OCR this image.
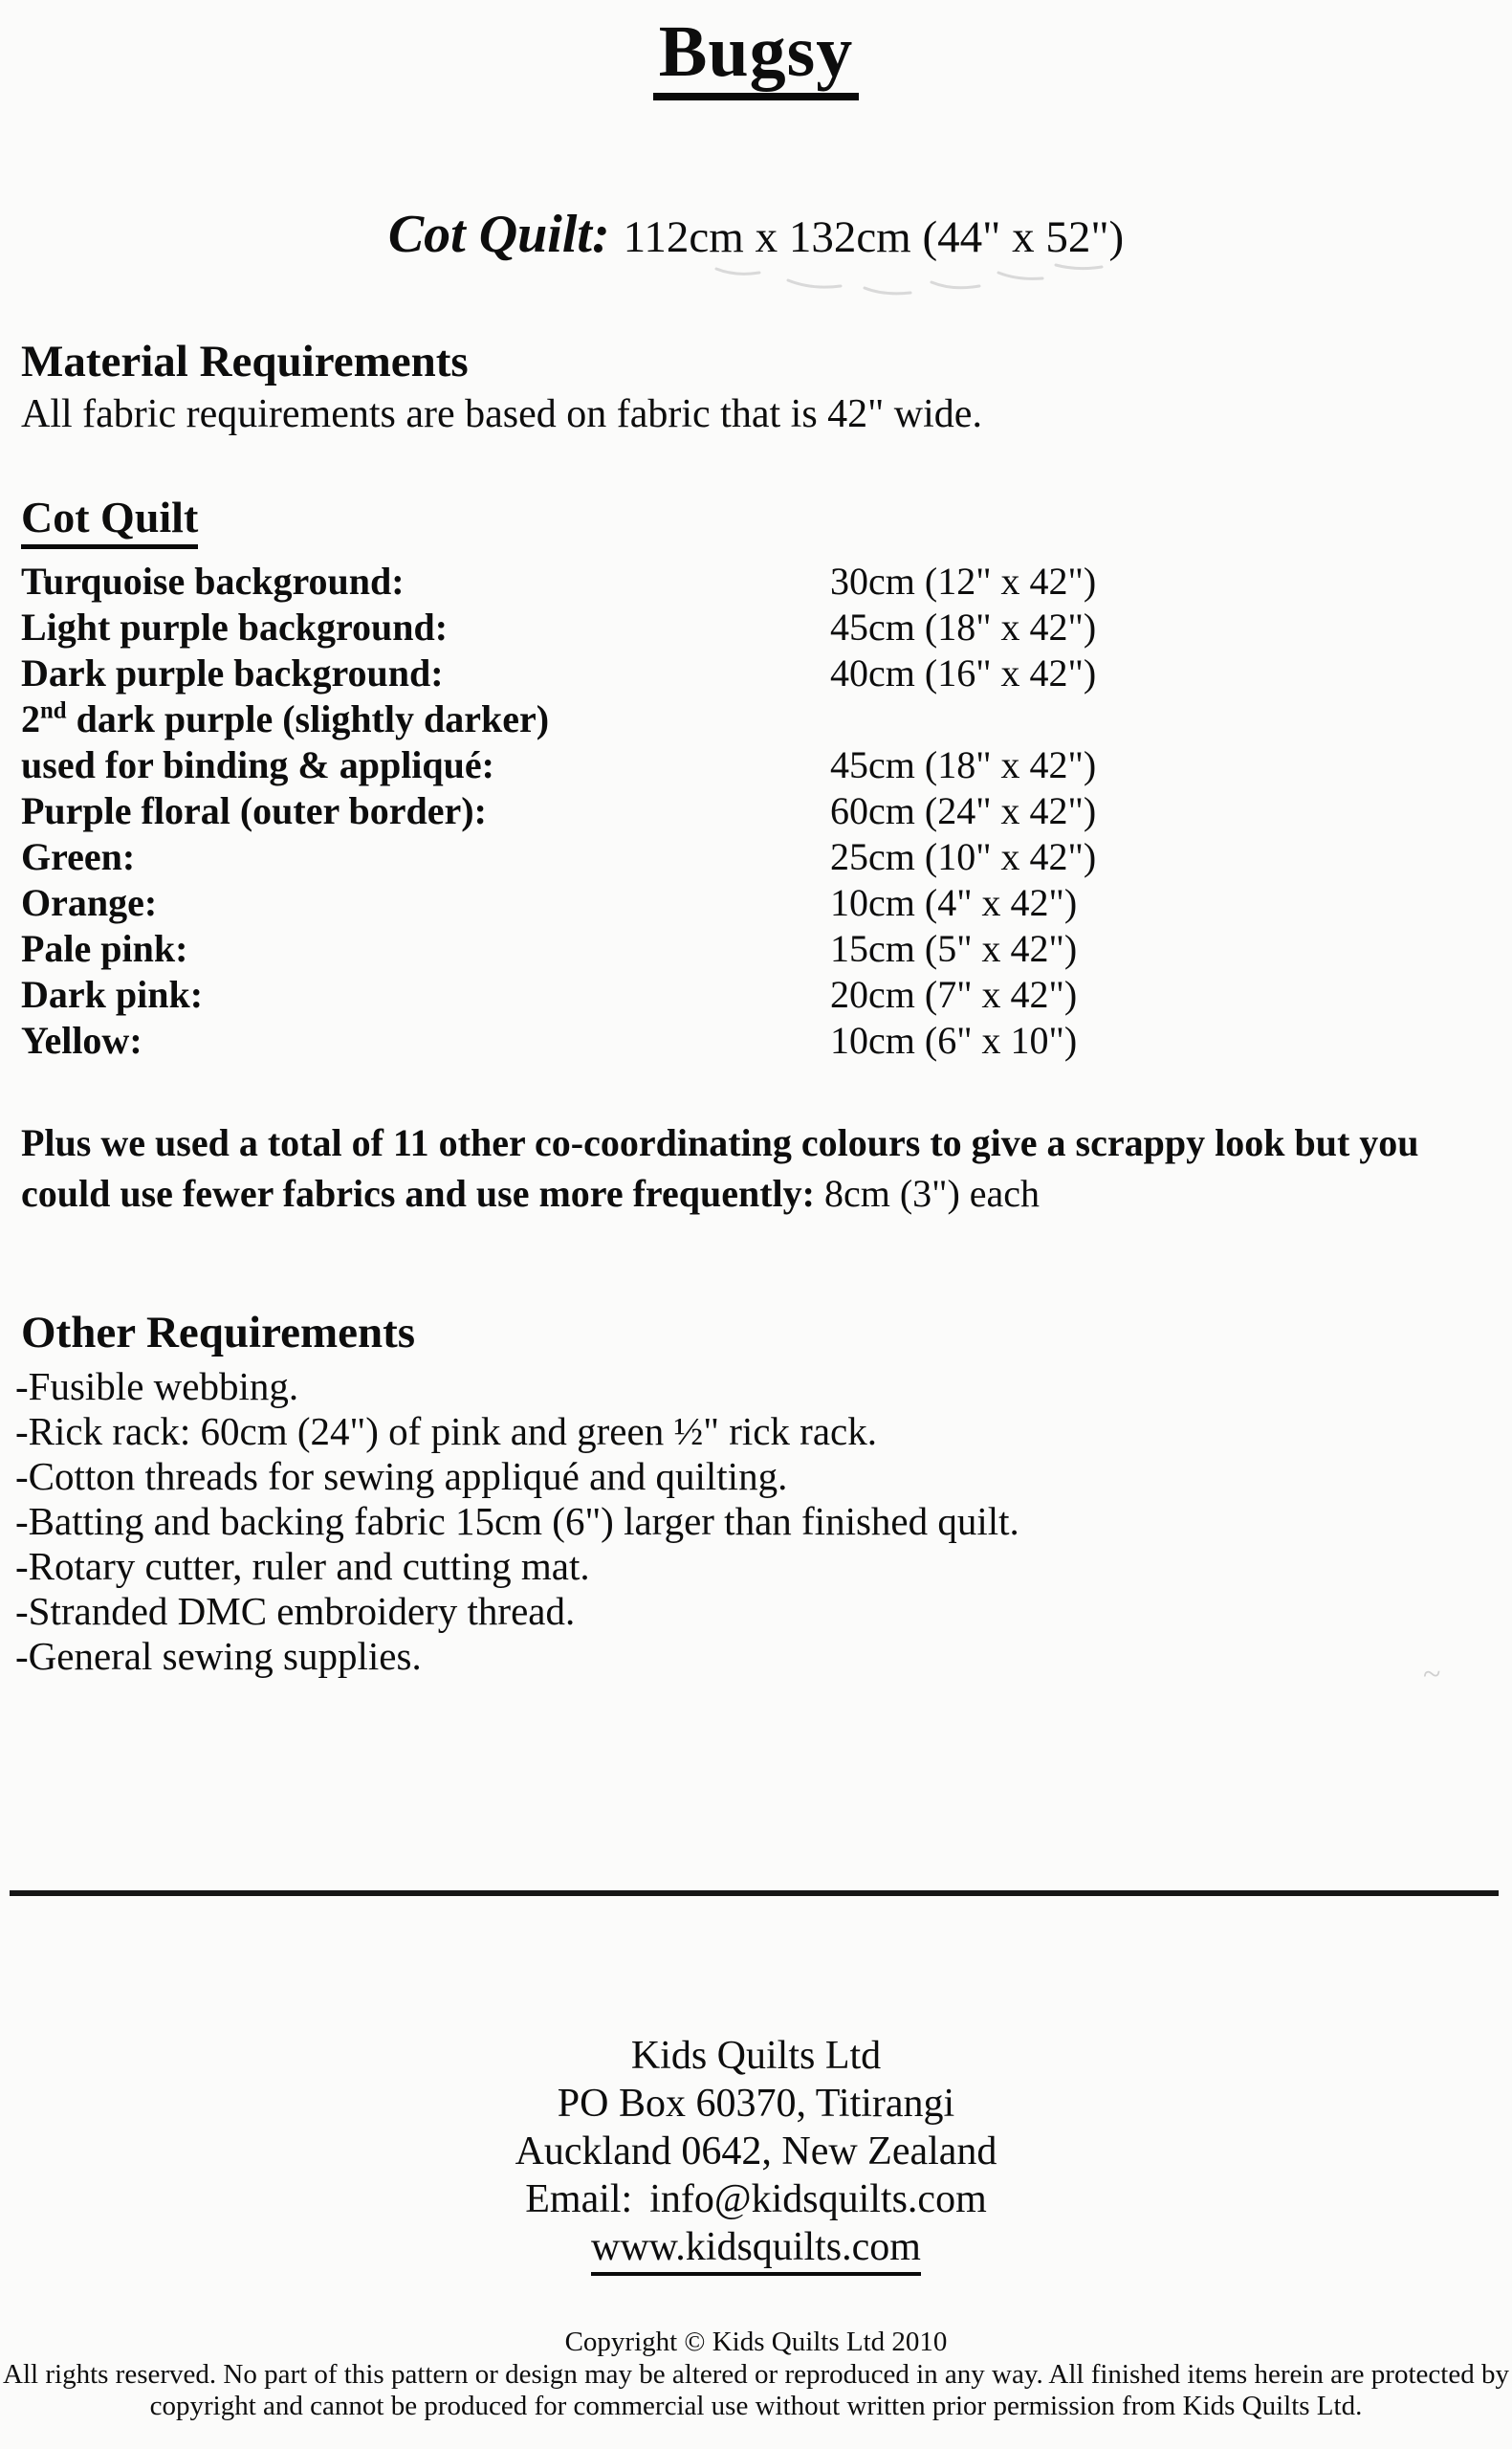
Bugsy
Cot Quilt: 112cm x 132cm (44" x 52")
Material Requirements
All fabric requirements are based on fabric that is 42" wide.
Cot Quilt
Turquoise background:	30cm (12" x 42")
Light purple background:	45cm (18" x 42")
Dark purple background:	40cm (16" x 42")
2nd dark purple (slightly darker)
used for binding & appliqué:	45cm (18" x 42")
Purple floral (outer border):	60cm (24" x 42")
Green:	25cm (10" x 42")
Orange:	10cm (4" x 42")
Pale pink:	15cm (5" x 42")
Dark pink:	20cm (7" x 42")
Yellow:	10cm (6" x 10")
Plus we used a total of 11 other co-coordinating colours to give a scrappy look but you could use fewer fabrics and use more frequently: 8cm (3") each
Other Requirements
-Fusible webbing.
-Rick rack: 60cm (24") of pink and green ½" rick rack.
-Cotton threads for sewing appliqué and quilting.
-Batting and backing fabric 15cm (6") larger than finished quilt.
-Rotary cutter, ruler and cutting mat.
-Stranded DMC embroidery thread.
-General sewing supplies.	~
Kids Quilts Ltd
PO Box 60370, Titirangi
Auckland 0642, New Zealand
Email: info@kidsquilts.com
www.kidsquilts.com
Copyright © Kids Quilts Ltd 2010
All rights reserved. No part of this pattern or design may be altered or reproduced in any way. All finished items herein are protected by
copyright and cannot be produced for commercial use without written prior permission from Kids Quilts Ltd.
